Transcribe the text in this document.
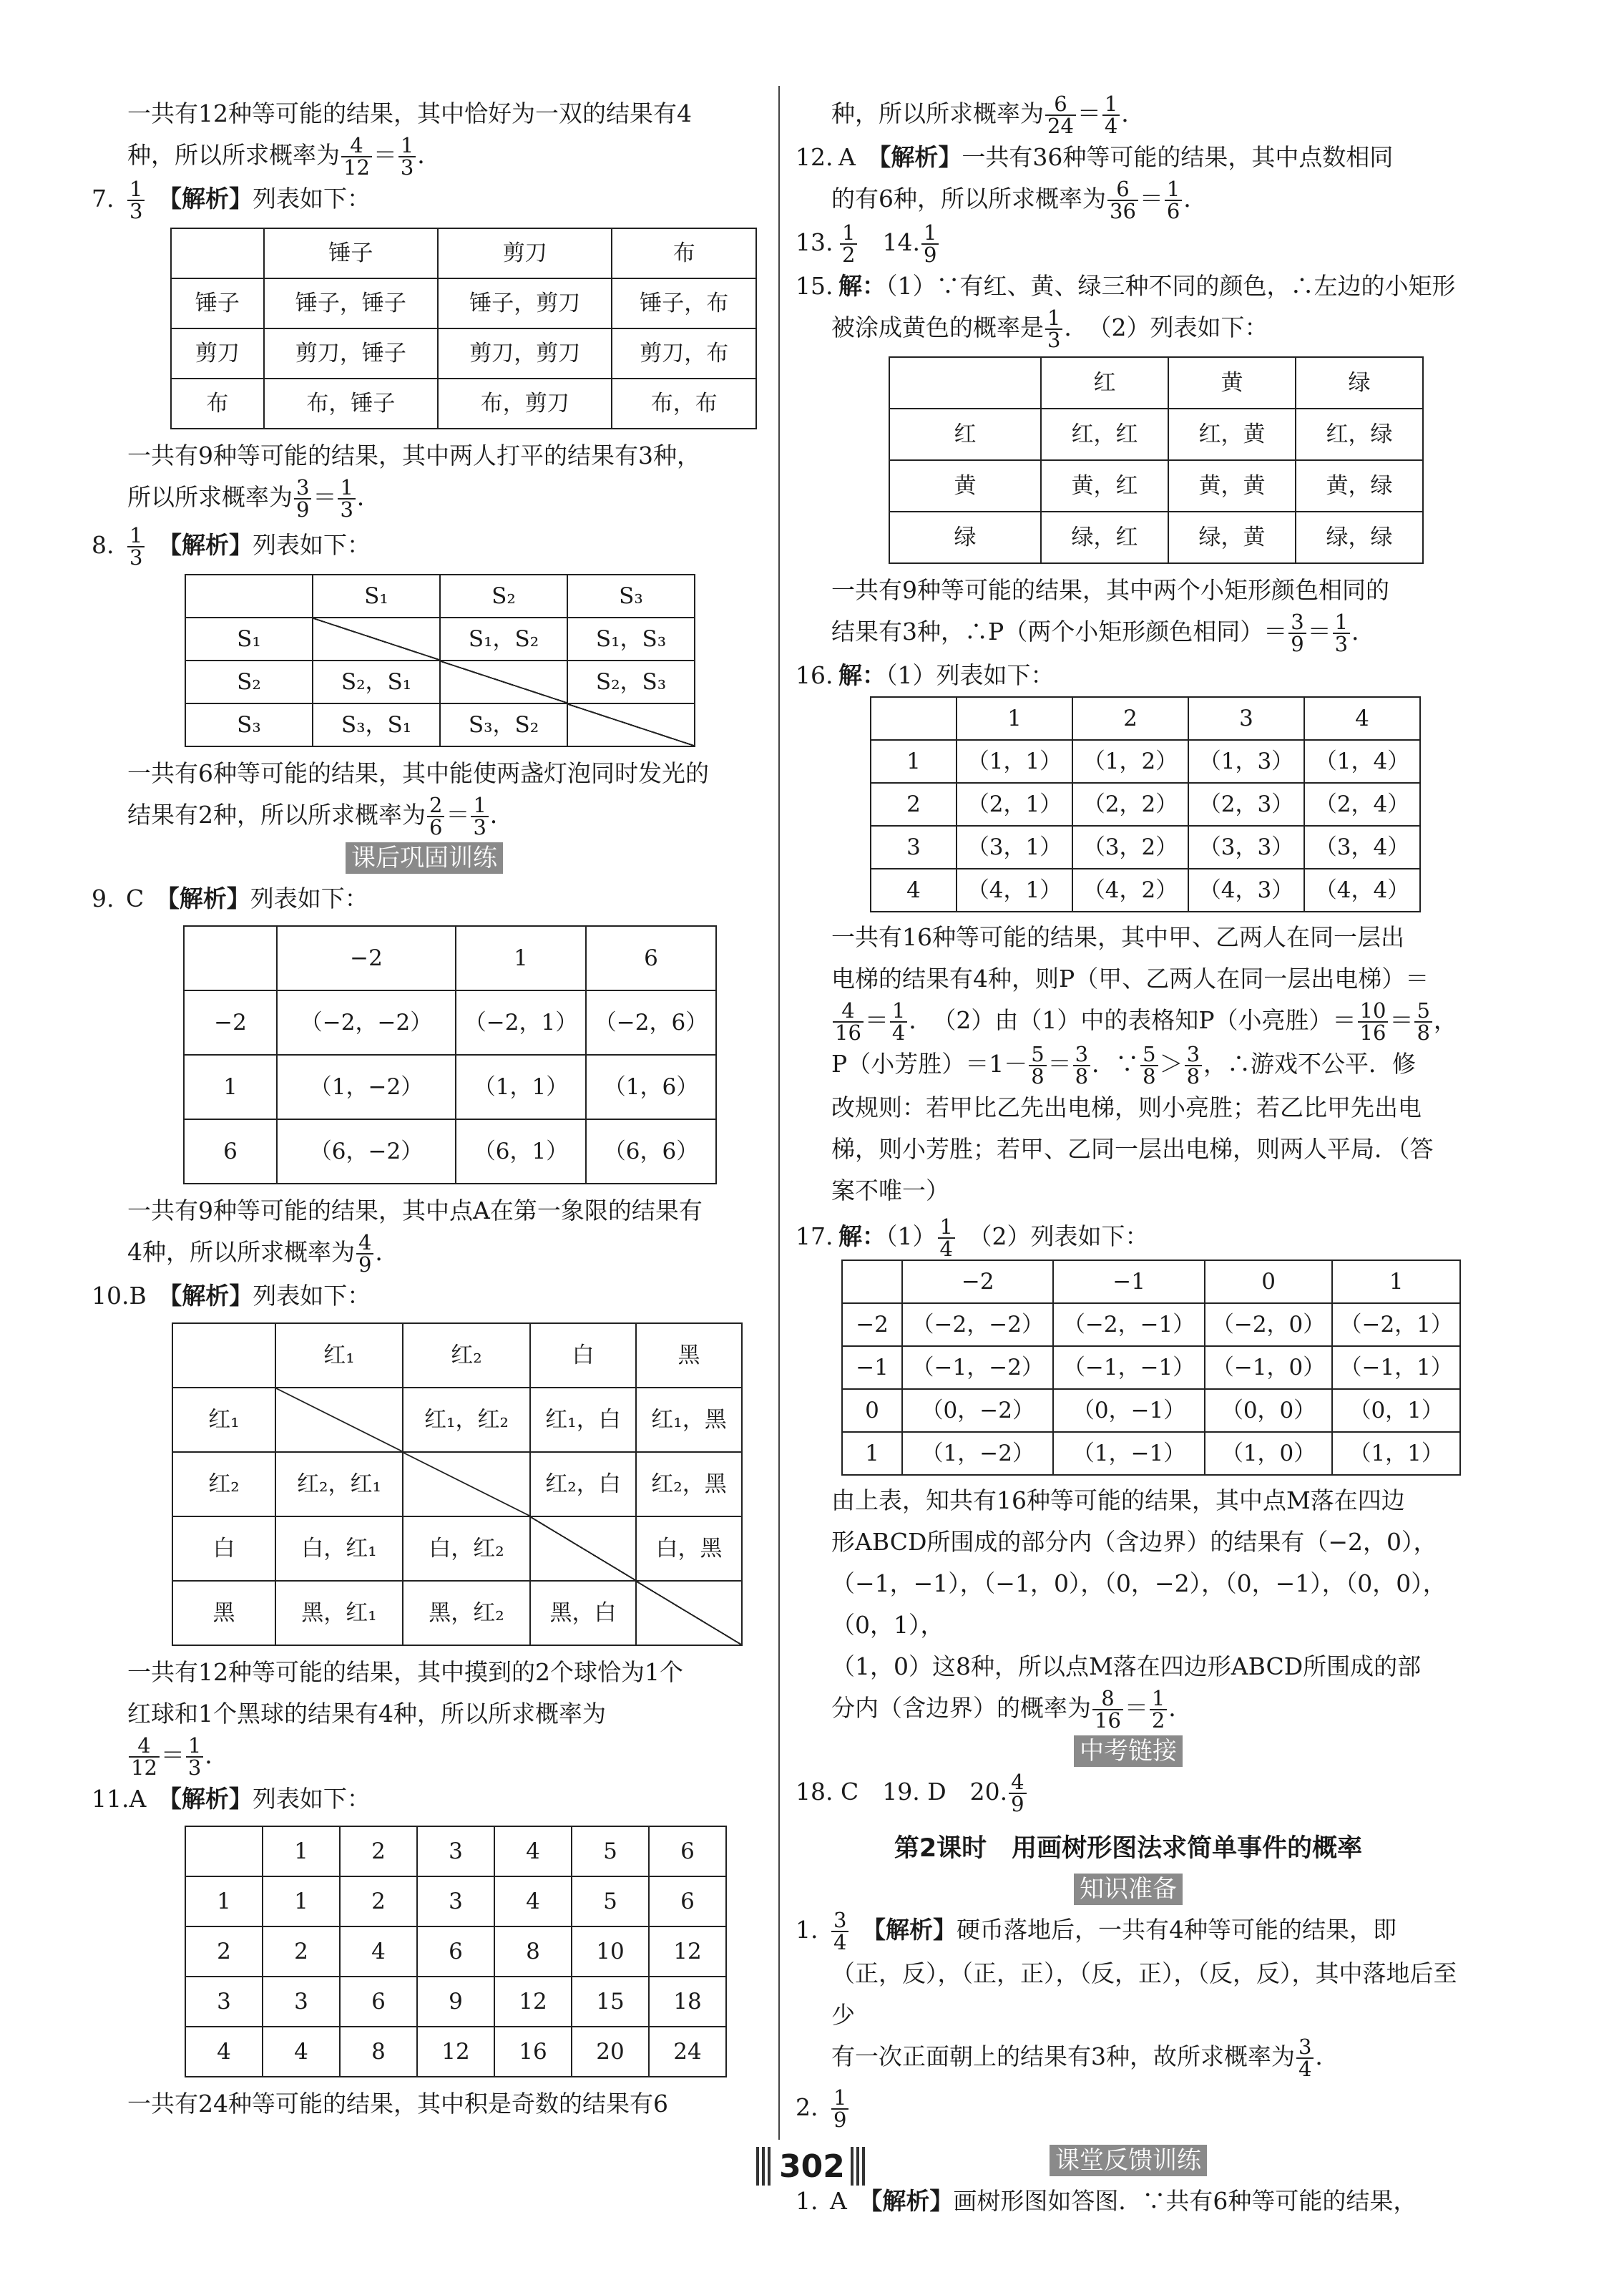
一共有12种等可能的结果，其中恰好为一双的结果有4

种，所以所求概率为 $\frac{4}{12} = \frac{1}{3}$ ．

7. $\frac{1}{3}$
　 【解析】列表如下：

	锤子	剪刀	布
锤子	锤子，锤子	锤子，剪刀	锤子，布
剪刀	剪刀，锤子	剪刀，剪刀	剪刀，布
布	布，锤子	布，剪刀	布，布

一共有9种等可能的结果，其中两人打平的结果有3种，

所以所求概率为 $\frac{3}{9} = \frac{1}{3}$ ．

8. $\frac{1}{3}$
　 【解析】列表如下：

	S₁	S₂	S₃
S₁		S₁，S₂	S₁，S₃
S₂	S₂，S₁		S₂，S₃
S₃	S₃，S₁	S₃，S₂	

一共有6种等可能的结果，其中能使两盏灯泡同时发光的

结果有2种，所以所求概率为 $\frac{2}{6} = \frac{1}{3}$ ．

课后巩固训练

9. C　 【解析】列表如下：

	−2	1	6
−2	（−2，−2）	（−2，1）	（−2，6）
1	（1，−2）	（1，1）	（1，6）
6	（6，−2）	（6，1）	（6，6）

一共有9种等可能的结果，其中点A在第一象限的结果有

4种，所以所求概率为 $\frac{4}{9}$ ．

10.B　 【解析】列表如下：

	红₁	红₂	白	黑
红₁		红₁，红₂	红₁，白	红₁，黑
红₂	红₂，红₁		红₂，白	红₂，黑
白	白，红₁	白，红₂		白，黑
黑	黑，红₁	黑，红₂	黑，白	

一共有12种等可能的结果，其中摸到的2个球恰为1个

红球和1个黑球的结果有4种，所以所求概率为

$\frac{4}{12} = \frac{1}{3}$ ．

11.A　 【解析】列表如下：

	1	2	3	4	5	6
1	1	2	3	4	5	6
2	2	4	6	8	10	12
3	3	6	9	12	15	18
4	4	8	12	16	20	24

一共有24种等可能的结果，其中积是奇数的结果有6

种，所以所求概率为 $\frac{6}{24} = \frac{1}{4}$ ．

12. A　 【解析】一共有36种等可能的结果，其中点数相同

的有6种，所以所求概率为 $\frac{6}{36} = \frac{1}{6}$ ．

13. $\frac{1}{2}$
　 14. $\frac{1}{9}$

15. 解：（1）∵有红、黄、绿三种不同的颜色，∴左边的小矩形

被涂成黄色的概率是 $\frac{1}{3}$ ．　（2）列表如下：

	红	黄	绿
红	红，红	红，黄	红，绿
黄	黄，红	黄，黄	黄，绿
绿	绿，红	绿，黄	绿，绿

一共有9种等可能的结果，其中两个小矩形颜色相同的

结果有3种，∴P（两个小矩形颜色相同）＝ $\frac{3}{9} = \frac{1}{3}$ ．

16. 解：（1）列表如下：

	1	2	3	4
1	（1，1）	（1，2）	（1，3）	（1，4）
2	（2，1）	（2，2）	（2，3）	（2，4）
3	（3，1）	（3，2）	（3，3）	（3，4）
4	（4，1）	（4，2）	（4，3）	（4，4）

一共有16种等可能的结果，其中甲、乙两人在同一层出

电梯的结果有4种，则P（甲、乙两人在同一层出电梯）＝

$\frac{4}{16} = \frac{1}{4}$ ．　（2）由（1）中的表格知P（小亮胜）＝ $\frac{10}{16} = \frac{5}{8}$ ，

P（小芳胜）$=1- \frac{5}{8} = \frac{3}{8}$ ．∵ $\frac{5}{8} > \frac{3}{8}$ ，∴游戏不公平．修

改规则：若甲比乙先出电梯，则小亮胜；若乙比甲先出电

梯，则小芳胜；若甲、乙同一层出电梯，则两人平局．（答

案不唯一）

17. 解：$(1) \frac{1}{4}$
　 （2）列表如下：

	−2	−1	0	1
−2	（−2，−2）	（−2，−1）	（−2，0）	（−2，1）
−1	（−1，−2）	（−1，−1）	（−1，0）	（−1，1）
0	（0，−2）	（0，−1）	（0，0）	（0，1）
1	（1，−2）	（1，−1）	（1，0）	（1，1）

由上表，知共有16种等可能的结果，其中点M落在四边

形ABCD所围成的部分内（含边界）的结果有（−2，0），

（−1，−1），（−1，0），（0，−2），（0，−1），（0，0），（0，1），

（1，0）这8种，所以点M落在四边形ABCD所围成的部

分内（含边界）的概率为 $\frac{8}{16} = \frac{1}{2}$ ．

中考链接

18. C　19. D　20. $\frac{4}{9}$

第2课时　用画树形图法求简单事件的概率
知识准备

1. $\frac{3}{4}$
　 【解析】硬币落地后，一共有4种等可能的结果，即

（正，反），（正，正），（反，正），（反，反），其中落地后至少

有一次正面朝上的结果有3种，故所求概率为 $\frac{3}{4}$ ．

2. $\frac{1}{9}$

课堂反馈训练

1. A　 【解析】画树形图如答图．∵共有6种等可能的结果，

302
